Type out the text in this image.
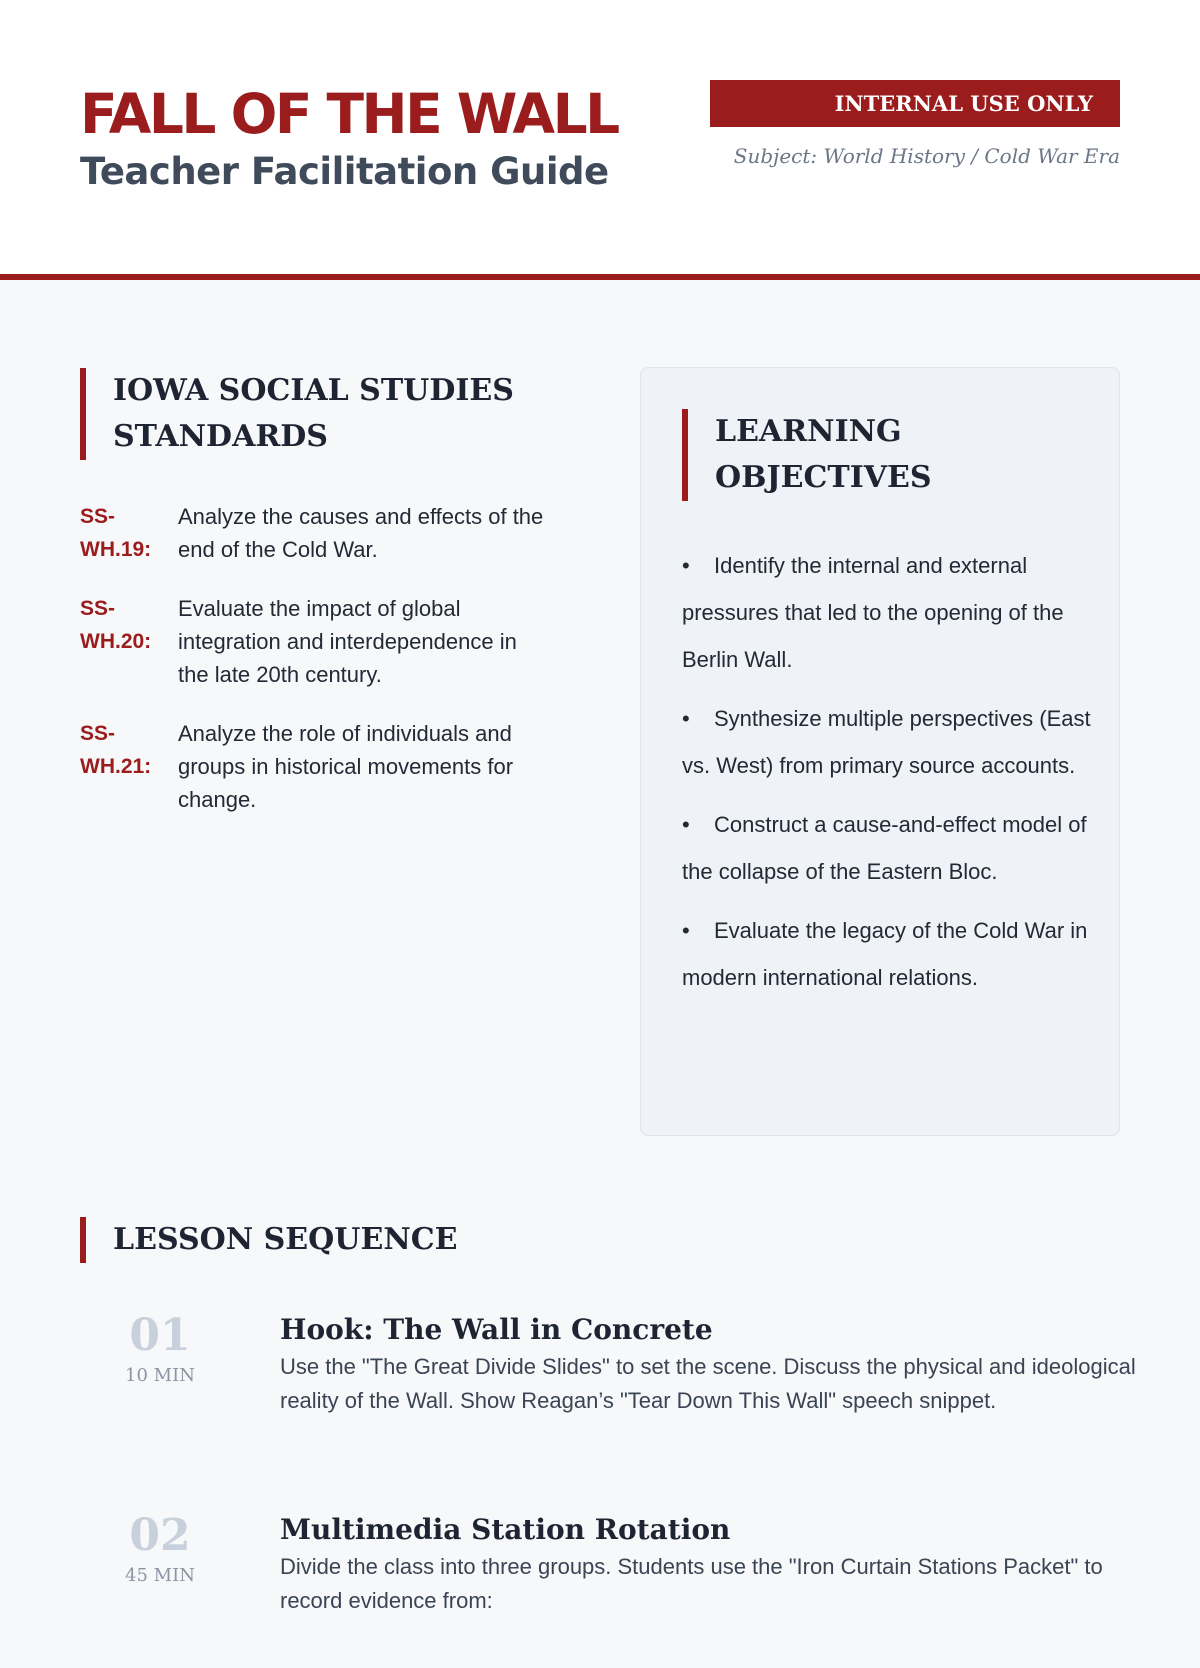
FALL OF THE WALL
Teacher Facilitation Guide
INTERNAL USE ONLY
Subject: World History / Cold War Era
IOWA SOCIAL STUDIES STANDARDS
SS-WH.19:
Analyze the causes and effects of the end of the Cold War.
SS-WH.20:
Evaluate the impact of global integration and interdependence in the late 20th century.
SS-WH.21:
Analyze the role of individuals and groups in historical movements for change.
LEARNING OBJECTIVES
• Identify the internal and external pressures that led to the opening of the Berlin Wall.
• Synthesize multiple perspectives (East vs. West) from primary source accounts.
• Construct a cause-and-effect model of the collapse of the Eastern Bloc.
• Evaluate the legacy of the Cold War in modern international relations.
LESSON SEQUENCE
01
10 MIN
Hook: The Wall in Concrete
Use the "The Great Divide Slides" to set the scene. Discuss the physical and ideological reality of the Wall. Show Reagan’s "Tear Down This Wall" speech snippet.
02
45 MIN
Multimedia Station Rotation
Divide the class into three groups. Students use the "Iron Curtain Stations Packet" to record evidence from:
